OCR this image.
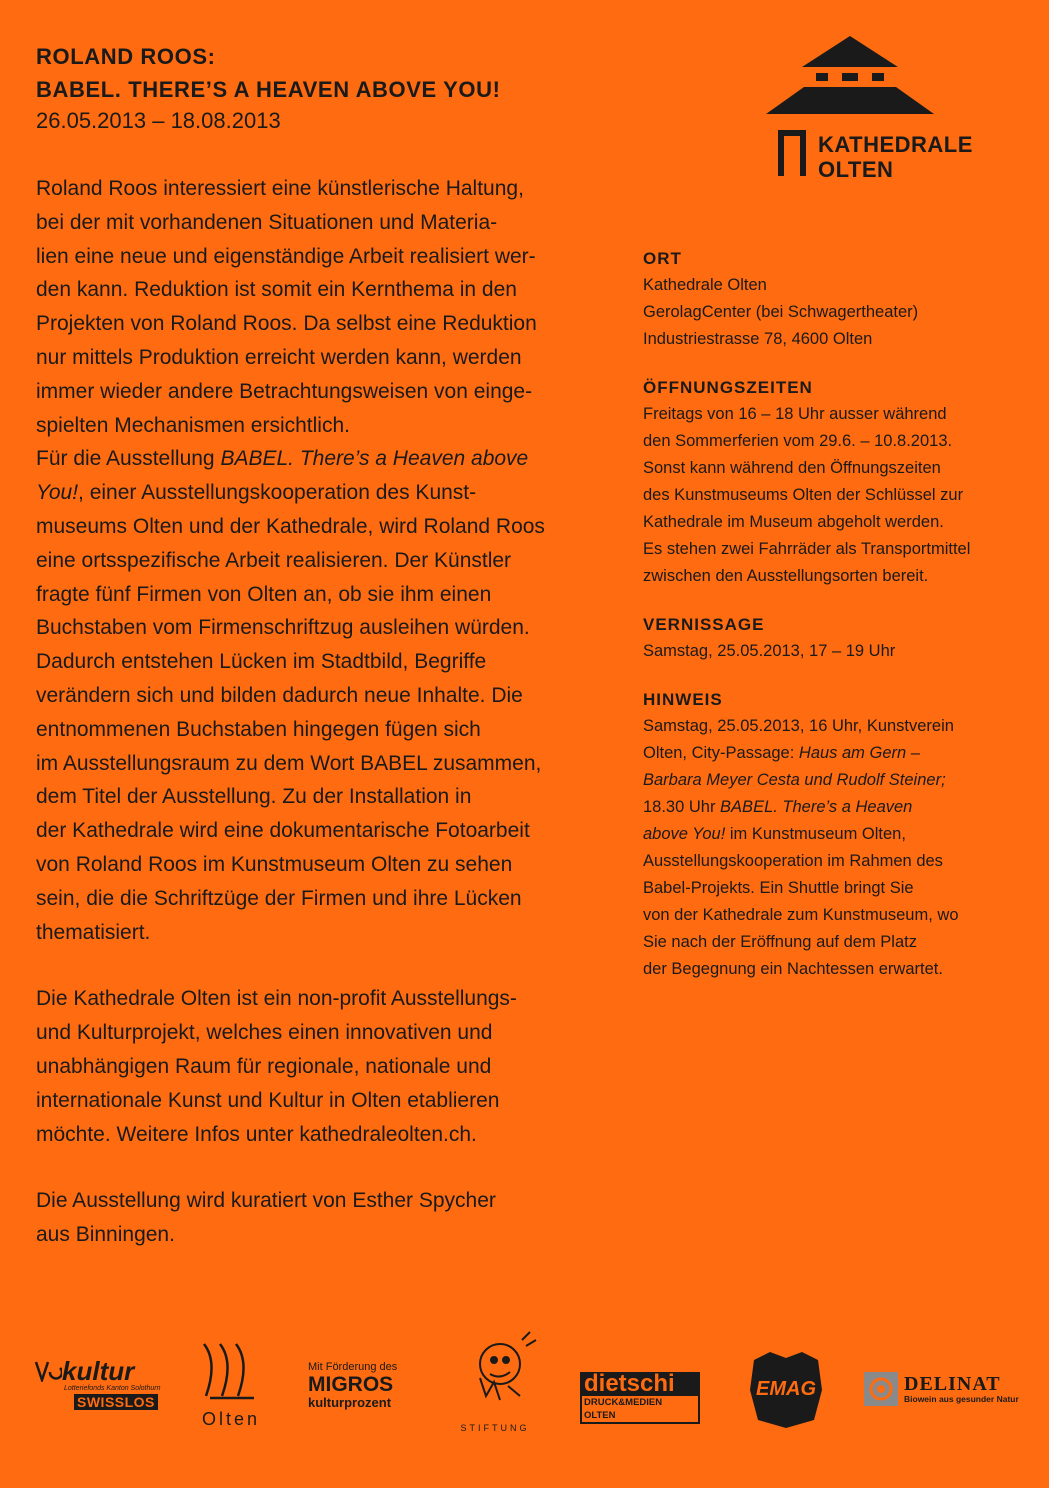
ROLAND ROOS:
BABEL. THERE’S A HEAVEN ABOVE YOU!
26.05.2013 – 18.08.2013
KATHEDRALE
OLTEN

Roland Roos interessiert eine künstlerische Haltung,
bei der mit vorhandenen Situationen und Materia-
lien eine neue und eigenständige Arbeit realisiert wer-
den kann. Reduktion ist somit ein Kernthema in den
Projekten von Roland Roos. Da selbst eine Reduktion
nur mittels Produktion erreicht werden kann, werden
immer wieder andere Betrachtungsweisen von einge-
spielten Mechanismen ersichtlich.

Für die Ausstellung BABEL. There’s a Heaven above
You!, einer Ausstellungskooperation des Kunst-
museums Olten und der Kathedrale, wird Roland Roos
eine ortsspezifische Arbeit realisieren. Der Künstler
fragte fünf Firmen von Olten an, ob sie ihm einen
Buchstaben vom Firmenschriftzug ausleihen würden.
Dadurch entstehen Lücken im Stadtbild, Begriffe
verändern sich und bilden dadurch neue Inhalte. Die
entnommenen Buchstaben hingegen fügen sich
im Ausstellungsraum zu dem Wort BABEL zusammen,
dem Titel der Ausstellung. Zu der Installation in
der Kathedrale wird eine dokumentarische Fotoarbeit
von Roland Roos im Kunstmuseum Olten zu sehen
sein, die die Schriftzüge der Firmen und ihre Lücken
thematisiert.

Die Kathedrale Olten ist ein non-profit Ausstellungs-
und Kulturprojekt, welches einen innovativen und
unabhängigen Raum für regionale, nationale und
internationale Kunst und Kultur in Olten etablieren
möchte. Weitere Infos unter kathedraleolten.ch.

Die Ausstellung wird kuratiert von Esther Spycher
aus Binningen.

ORT
Kathedrale Olten
GerolagCenter (bei Schwagertheater)
Industriestrasse 78, 4600 Olten
ÖFFNUNGSZEITEN
Freitags von 16 – 18 Uhr ausser während
den Sommerferien vom 29.6. – 10.8.2013.
Sonst kann während den Öffnungszeiten
des Kunstmuseums Olten der Schlüssel zur
Kathedrale im Museum abgeholt werden.
Es stehen zwei Fahrräder als Transportmittel
zwischen den Ausstellungsorten bereit.
VERNISSAGE
Samstag, 25.05.2013, 17 – 19 Uhr
HINWEIS
Samstag, 25.05.2013, 16 Uhr, Kunstverein
Olten, City-Passage: Haus am Gern –
Barbara Meyer Cesta und Rudolf Steiner;
18.30 Uhr BABEL. There’s a Heaven
above You! im Kunstmuseum Olten,
Ausstellungskooperation im Rahmen des
Babel-Projekts. Ein Shuttle bringt Sie
von der Kathedrale zum Kunstmuseum, wo
Sie nach der Eröffnung auf dem Platz
der Begegnung ein Nachtessen erwartet.
kultur
Lotteriefonds Kanton Solothurn
SWISSLOS
Olten
Mit Förderung des
MIGROS
kulturprozent
STIFTUNG
dietschi
DRUCK&MEDIEN OLTEN
EMAG	DELINAT
Biowein aus gesunder Natur
